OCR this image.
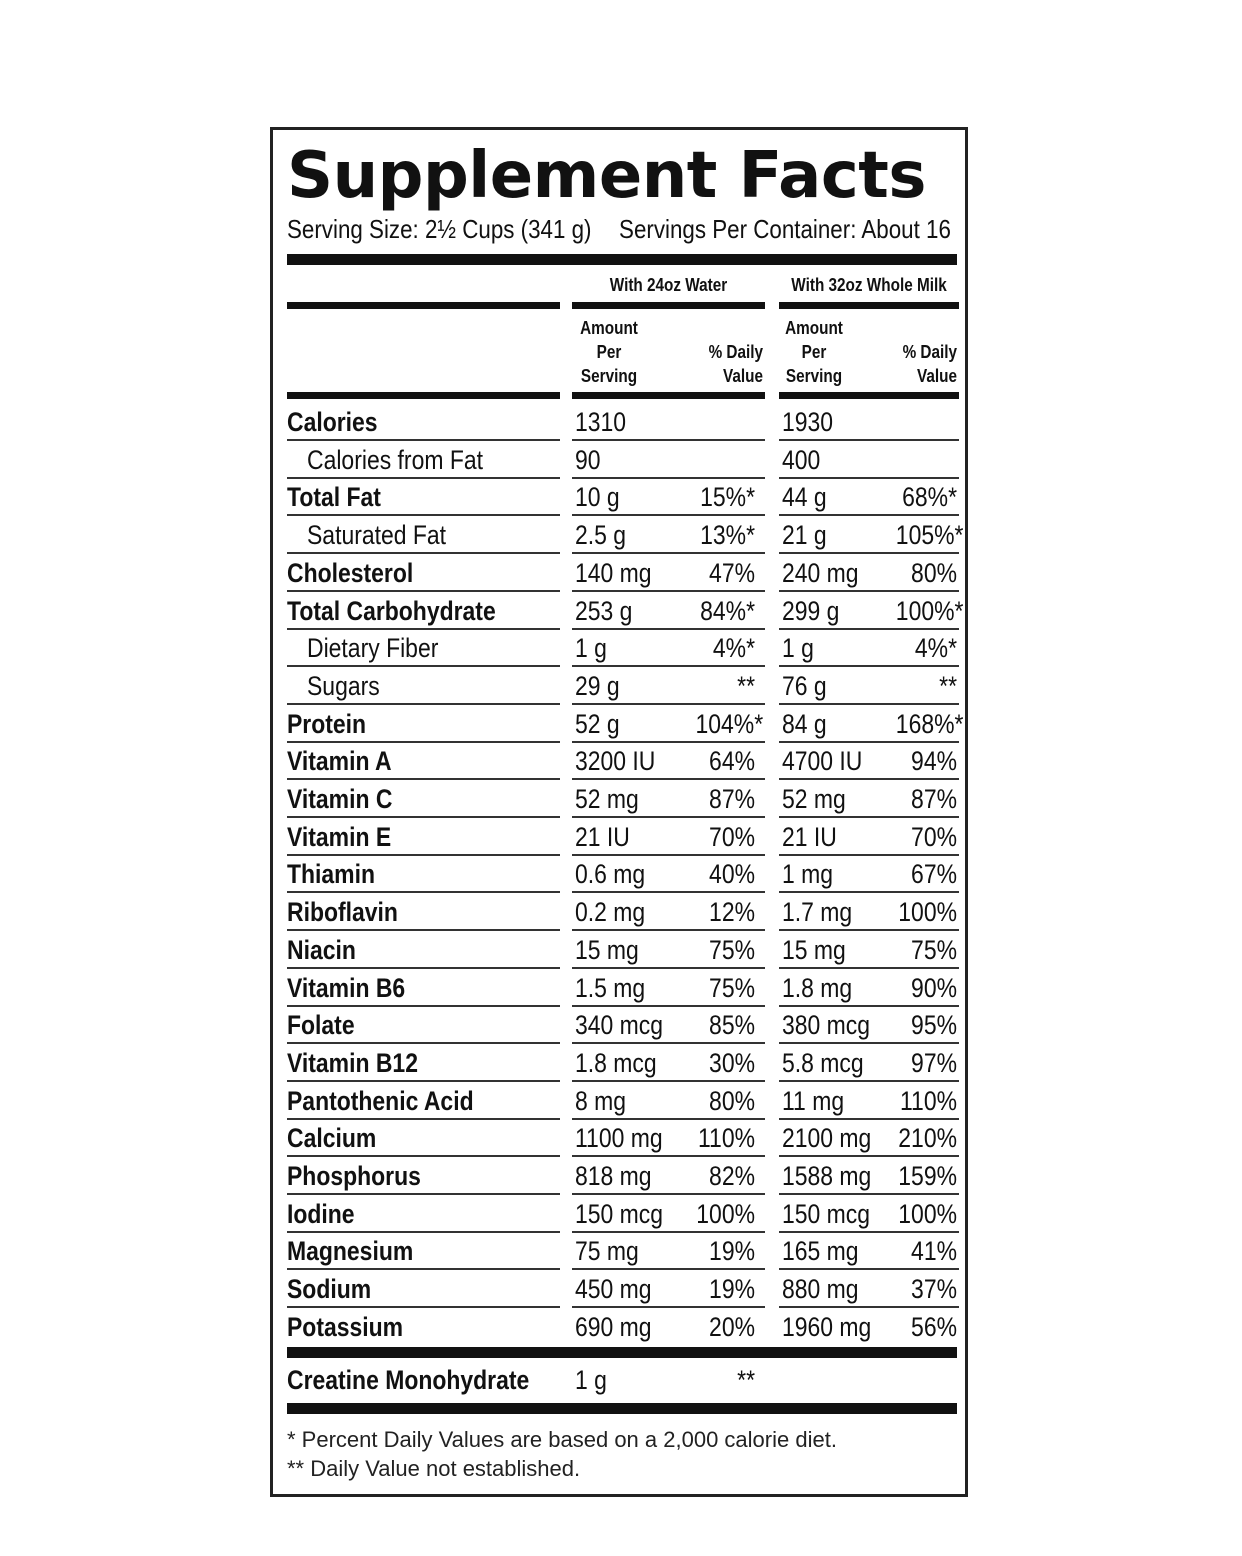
Supplement Facts
Serving Size: 2½ Cups (341 g) Servings Per Container: About 16
With 24oz Water	With 32oz Whole Milk
Amount
Per
Serving
% Daily
Value
Amount
Per
Serving
% Daily
Value
Calories	1310	1930
Calories from Fat	90	400
Total Fat	10 g	15%* 44 g	68%*
Saturated Fat	2.5 g	13%* 21 g	105%*
Cholesterol	140 mg	47% 240 mg	80%
Total Carbohydrate	253 g	84%* 299 g	100%*
Dietary Fiber	1 g	4%* 1 g	4%*
Sugars	29 g	** 76 g	**
Protein	52 g	104%* 84 g	168%*
Vitamin A	3200 IU	64% 4700 IU	94%
Vitamin C	52 mg	87% 52 mg	87%
Vitamin E	21 IU	70% 21 IU	70%
Thiamin	0.6 mg	40% 1 mg	67%
Riboflavin	0.2 mg	12% 1.7 mg	100%
Niacin	15 mg	75% 15 mg	75%
Vitamin B6	1.5 mg	75% 1.8 mg	90%
Folate	340 mcg	85% 380 mcg	95%
Vitamin B12	1.8 mcg	30% 5.8 mcg	97%
Pantothenic Acid	8 mg	80% 11 mg	110%
Calcium	1100 mg 110% 2100 mg 210%
Phosphorus	818 mg	82% 1588 mg 159%
Iodine	150 mcg 100% 150 mcg 100%
Magnesium	75 mg	19% 165 mg	41%
Sodium	450 mg	19% 880 mg	37%
Potassium	690 mg	20% 1960 mg	56%
Creatine Monohydrate 1 g	**
* Percent Daily Values are based on a 2,000 calorie diet.
** Daily Value not established.
